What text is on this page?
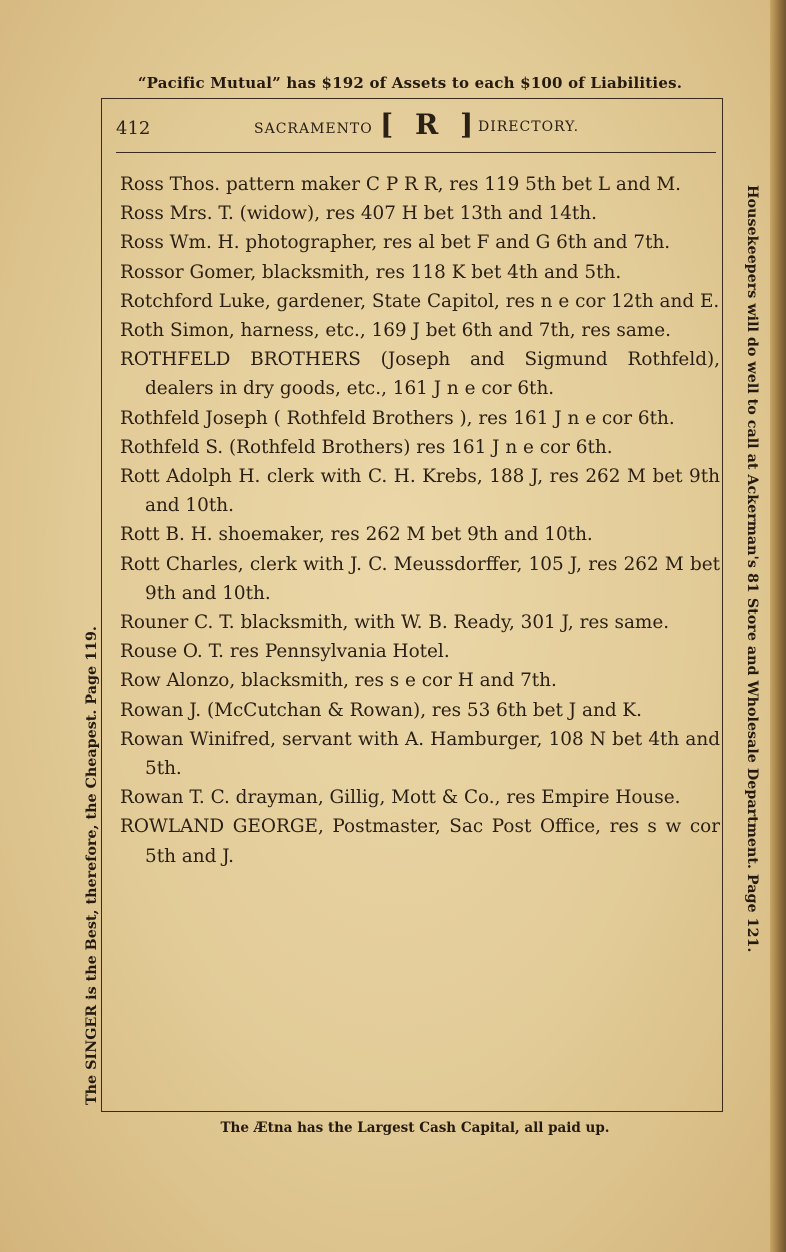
“Pacific Mutual” has $192 of Assets to each $100 of Liabilities.
412	SACRAMENTO [ R ]
DIRECTORY.

Ross Thos. pattern maker C P R R, res 119 5th bet L and M.

Ross Mrs. T. (widow), res 407 H bet 13th and 14th.

Ross Wm. H. photographer, res al bet F and G 6th and 7th.

Rossor Gomer, blacksmith, res 118 K bet 4th and 5th.

Rotchford Luke, gardener, State Capitol, res n e cor 12th and E.

Roth Simon, harness, etc., 169 J bet 6th and 7th, res same.

ROTHFELD BROTHERS (Joseph and Sigmund Rothfeld), dealers in dry goods, etc., 161 J n e cor 6th.

Rothfeld Joseph ( Rothfeld Brothers ), res 161 J n e cor 6th.

Rothfeld S. (Rothfeld Brothers) res 161 J n e cor 6th.

Rott Adolph H. clerk with C. H. Krebs, 188 J, res 262 M bet 9th and 10th.

Rott B. H. shoemaker, res 262 M bet 9th and 10th.

Rott Charles, clerk with J. C. Meussdorffer, 105 J, res 262 M bet 9th and 10th.

Rouner C. T. blacksmith, with W. B. Ready, 301 J, res same.

Rouse O. T. res Pennsylvania Hotel.

Row Alonzo, blacksmith, res s e cor H and 7th.

Rowan J. (McCutchan & Rowan), res 53 6th bet J and K.

Rowan Winifred, servant with A. Hamburger, 108 N bet 4th and 5th.

Rowan T. C. drayman, Gillig, Mott & Co., res Empire House.

ROWLAND GEORGE, Postmaster, Sac Post Office, res s w cor 5th and J.

The Ætna has the Largest Cash Capital, all paid up.
The SINGER is the Best, therefore, the Cheapest. Page 119.	Housekeepers will do well to call at Ackerman's 81 Store and Wholesale Department. Page 121.
